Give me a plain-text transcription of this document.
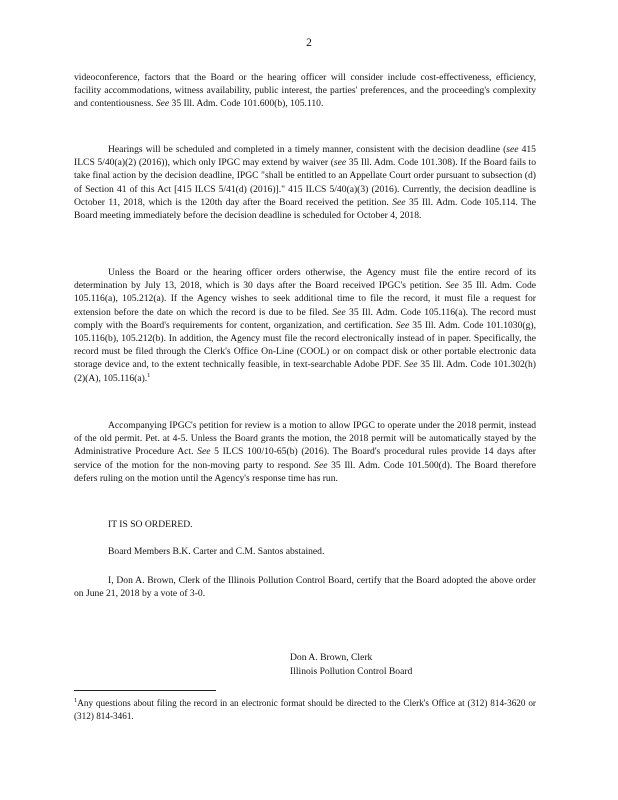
2

videoconference, factors that the Board or the hearing officer will consider include cost-effectiveness, efficiency, facility accommodations, witness availability, public interest, the parties' preferences, and the proceeding's complexity and contentiousness. See 35 Ill. Adm. Code 101.600(b), 105.110.

Hearings will be scheduled and completed in a timely manner, consistent with the decision deadline (see 415 ILCS 5/40(a)(2) (2016)), which only IPGC may extend by waiver (see 35 Ill. Adm. Code 101.308). If the Board fails to take final action by the decision deadline, IPGC "shall be entitled to an Appellate Court order pursuant to subsection (d) of Section 41 of this Act [415 ILCS 5/41(d) (2016)]." 415 ILCS 5/40(a)(3) (2016). Currently, the decision deadline is October 11, 2018, which is the 120th day after the Board received the petition. See 35 Ill. Adm. Code 105.114. The Board meeting immediately before the decision deadline is scheduled for October 4, 2018.

Unless the Board or the hearing officer orders otherwise, the Agency must file the entire record of its determination by July 13, 2018, which is 30 days after the Board received IPGC's petition. See 35 Ill. Adm. Code 105.116(a), 105.212(a). If the Agency wishes to seek additional time to file the record, it must file a request for extension before the date on which the record is due to be filed. See 35 Ill. Adm. Code 105.116(a). The record must comply with the Board's requirements for content, organization, and certification. See 35 Ill. Adm. Code 101.1030(g), 105.116(b), 105.212(b). In addition, the Agency must file the record electronically instead of in paper. Specifically, the record must be filed through the Clerk's Office On-Line (COOL) or on compact disk or other portable electronic data storage device and, to the extent technically feasible, in text-searchable Adobe PDF. See 35 Ill. Adm. Code 101.302(h)(2)(A), 105.116(a).$^1$

Accompanying IPGC's petition for review is a motion to allow IPGC to operate under the 2018 permit, instead of the old permit. Pet. at 4-5. Unless the Board grants the motion, the 2018 permit will be automatically stayed by the Administrative Procedure Act. See 5 ILCS 100/10-65(b) (2016). The Board's procedural rules provide 14 days after service of the motion for the non-moving party to respond. See 35 Ill. Adm. Code 101.500(d). The Board therefore defers ruling on the motion until the Agency's response time has run.

IT IS SO ORDERED.

Board Members B.K. Carter and C.M. Santos abstained.

I, Don A. Brown, Clerk of the Illinois Pollution Control Board, certify that the Board adopted the above order on June 21, 2018 by a vote of 3-0.

Don A. Brown, Clerk

Illinois Pollution Control Board

$^1$Any questions about filing the record in an electronic format should be directed to the Clerk's Office at (312) 814-3620 or (312) 814-3461.
